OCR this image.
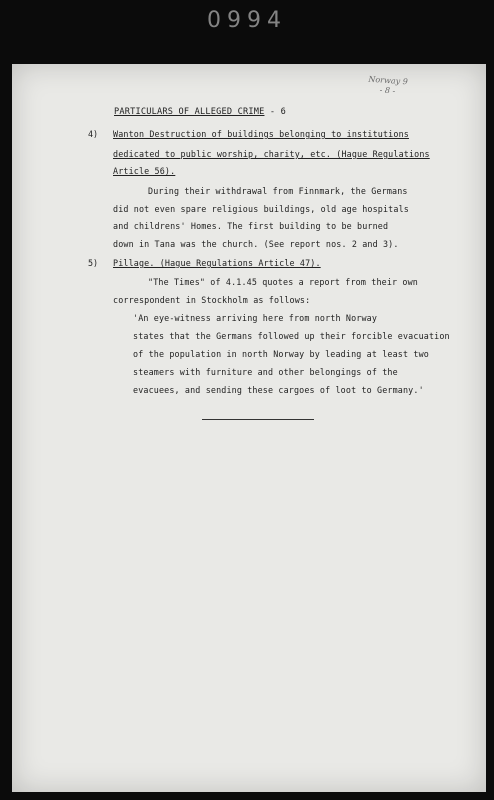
0994
Norway 9
- 8 -
PARTICULARS OF ALLEGED CRIME - 6
4) Wanton Destruction of buildings belonging to institutions
dedicated to public worship, charity, etc. (Hague Regulations
Article 56).
During their withdrawal from Finnmark, the Germans
did not even spare religious buildings, old age hospitals
and childrens' Homes. The first building to be burned
down in Tana was the church. (See report nos. 2 and 3).
5) Pillage. (Hague Regulations Article 47).
"The Times" of 4.1.45 quotes a report from their own
correspondent in Stockholm as follows:
'An eye-witness arriving here from north Norway
states that the Germans followed up their forcible evacuation
of the population in north Norway by leading at least two
steamers with furniture and other belongings of the
evacuees, and sending these cargoes of loot to Germany.'
